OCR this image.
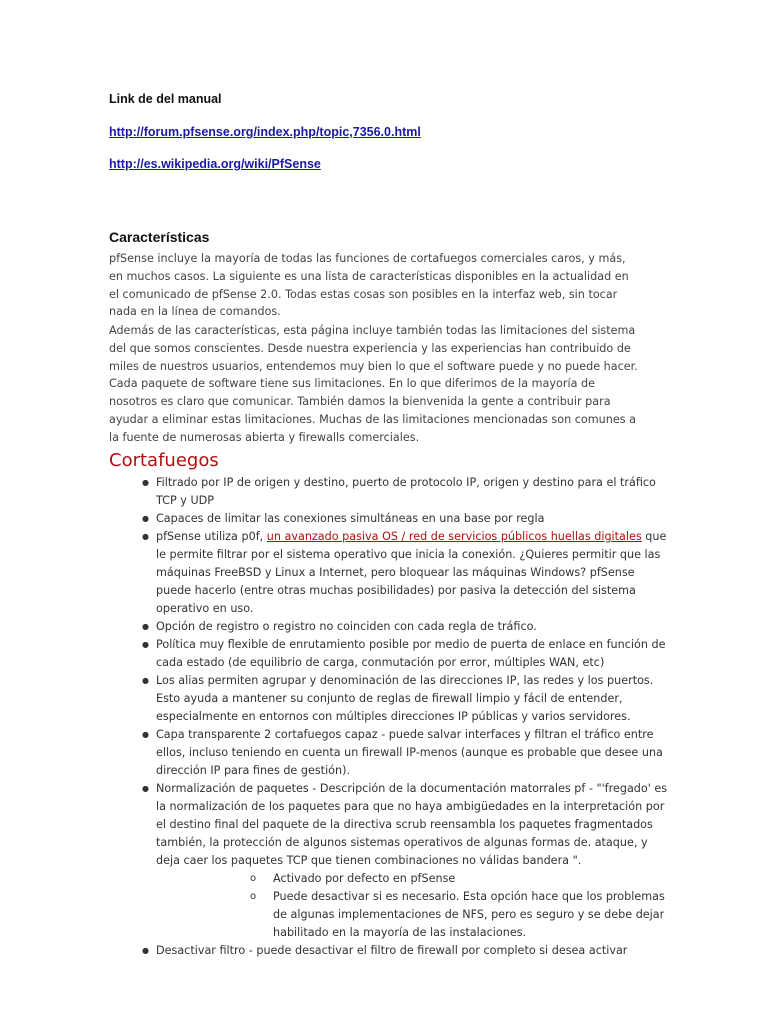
Link de del manual
http://forum.pfsense.org/index.php/topic,7356.0.html
http://es.wikipedia.org/wiki/PfSense
Características

pfSense incluye la mayoría de todas las funciones de cortafuegos comerciales caros, y más, en muchos casos. La siguiente es una lista de características disponibles en la actualidad en el comunicado de pfSense 2.0. Todas estas cosas son posibles en la interfaz web, sin tocar nada en la línea de comandos.

Además de las características, esta página incluye también todas las limitaciones del sistema del que somos conscientes. Desde nuestra experiencia y las experiencias han contribuido de miles de nuestros usuarios, entendemos muy bien lo que el software puede y no puede hacer. Cada paquete de software tiene sus limitaciones. En lo que diferimos de la mayoría de nosotros es claro que comunicar. También damos la bienvenida la gente a contribuir para ayudar a eliminar estas limitaciones. Muchas de las limitaciones mencionadas son comunes a la fuente de numerosas abierta y firewalls comerciales.

Cortafuegos
● Filtrado por IP de origen y destino, puerto de protocolo IP, origen y destino para el tráfico TCP y UDP
● Capaces de limitar las conexiones simultáneas en una base por regla
● pfSense utiliza p0f, un avanzado pasiva OS / red de servicios públicos huellas digitales que le permite filtrar por el sistema operativo que inicia la conexión. ¿Quieres permitir que las máquinas FreeBSD y Linux a Internet, pero bloquear las máquinas Windows? pfSense puede hacerlo (entre otras muchas posibilidades) por pasiva la detección del sistema operativo en uso.
● Opción de registro o registro no coinciden con cada regla de tráfico.
● Política muy flexible de enrutamiento posible por medio de puerta de enlace en función de cada estado (de equilibrio de carga, conmutación por error, múltiples WAN, etc)
● Los alias permiten agrupar y denominación de las direcciones IP, las redes y los puertos. Esto ayuda a mantener su conjunto de reglas de firewall limpio y fácil de entender, especialmente en entornos con múltiples direcciones IP públicas y varios servidores.
● Capa transparente 2 cortafuegos capaz - puede salvar interfaces y filtran el tráfico entre ellos, incluso teniendo en cuenta un firewall IP-menos (aunque es probable que desee una dirección IP para fines de gestión).
● Normalización de paquetes - Descripción de la documentación matorrales pf - "'fregado' es la normalización de los paquetes para que no haya ambigüedades en la interpretación por el destino final del paquete de la directiva scrub reensambla los paquetes fragmentados también, la protección de algunos sistemas operativos de algunas formas de. ataque, y deja caer los paquetes TCP que tienen combinaciones no válidas bandera ".
o	Activado por defecto en pfSense
o	Puede desactivar si es necesario. Esta opción hace que los problemas de algunas implementaciones de NFS, pero es seguro y se debe dejar habilitado en la mayoría de las instalaciones.
● Desactivar filtro - puede desactivar el filtro de firewall por completo si desea activar
